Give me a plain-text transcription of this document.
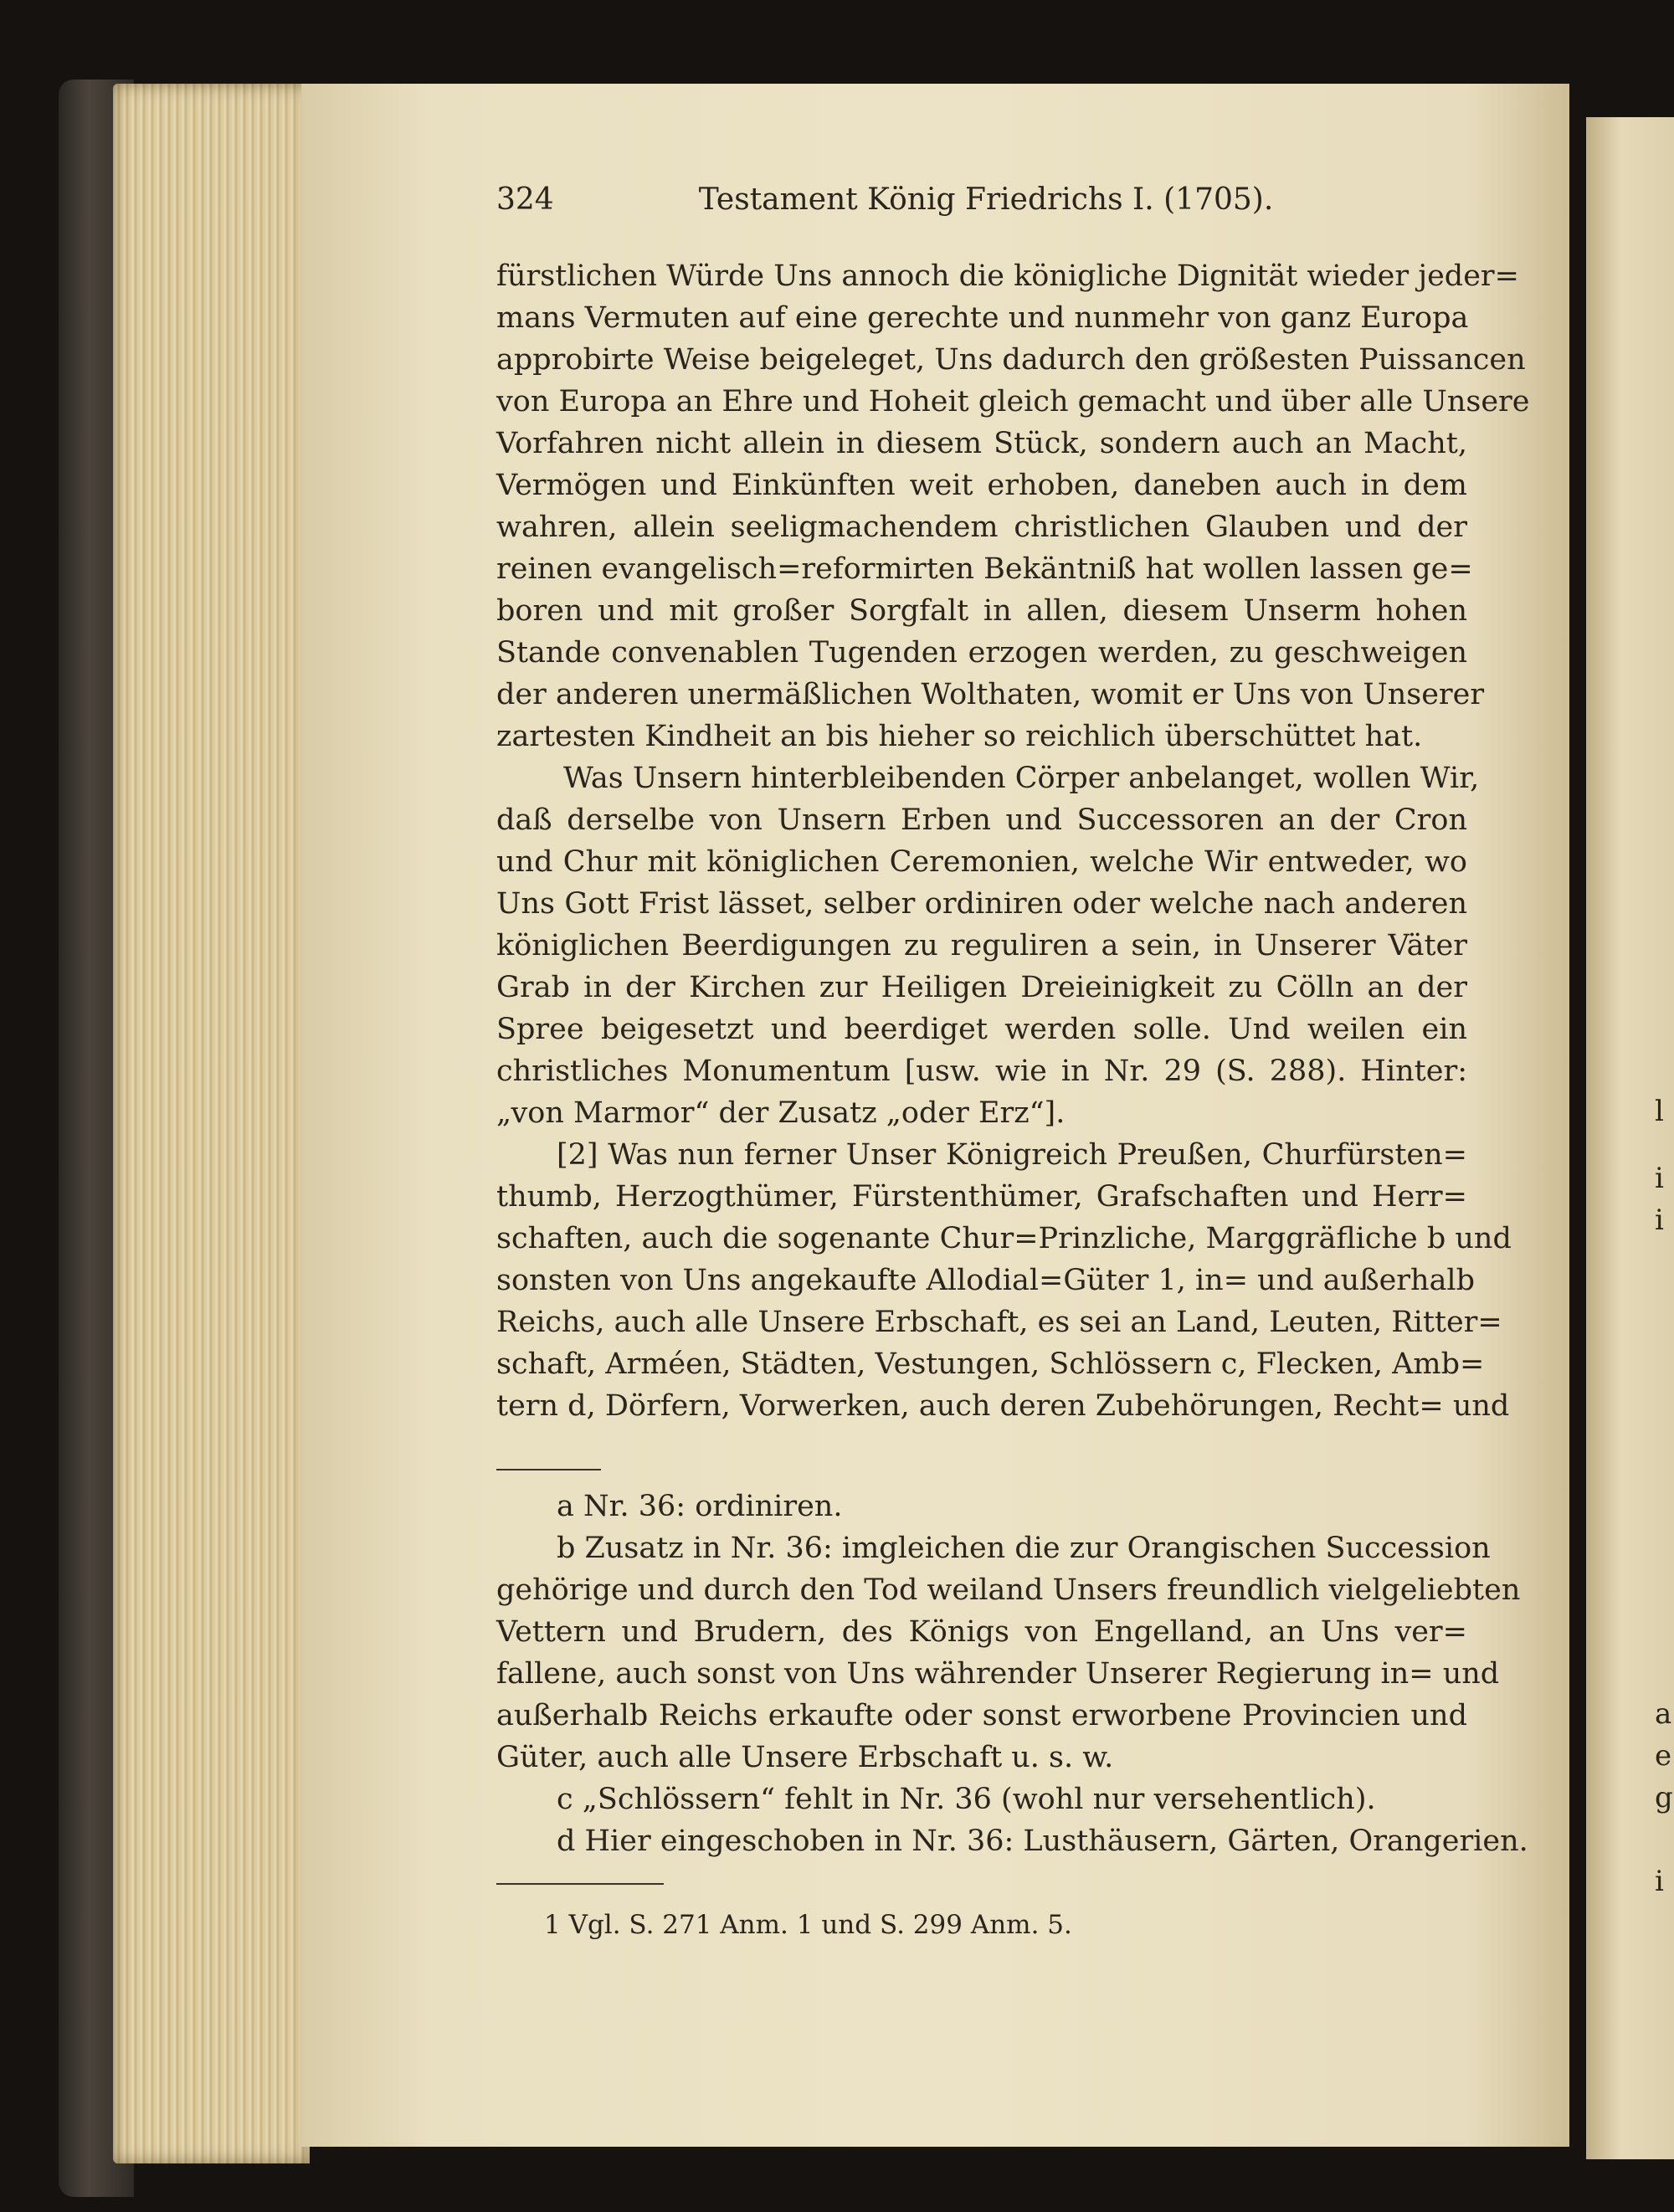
l
i
i
a
e
g
i
Testament König Friedrichs I. (1705).
324
fürstlichen Würde Uns annoch die königliche Dignität wieder jeder=
mans Vermuten auf eine gerechte und nunmehr von ganz Europa
approbirte Weise beigeleget, Uns dadurch den größesten Puissancen
von Europa an Ehre und Hoheit gleich gemacht und über alle Unsere
Vorfahren nicht allein in diesem Stück, sondern auch an Macht,
Vermögen und Einkünften weit erhoben, daneben auch in dem
wahren, allein seeligmachendem christlichen Glauben und der
reinen evangelisch=reformirten Bekäntniß hat wollen lassen ge=
boren und mit großer Sorgfalt in allen, diesem Unserm hohen
Stande convenablen Tugenden erzogen werden, zu geschweigen
der anderen unermäßlichen Wolthaten, womit er Uns von Unserer
zartesten Kindheit an bis hieher so reichlich überschüttet hat.
Was Unsern hinterbleibenden Cörper anbelanget, wollen Wir,
daß derselbe von Unsern Erben und Successoren an der Cron
und Chur mit königlichen Ceremonien, welche Wir entweder, wo
Uns Gott Frist lässet, selber ordiniren oder welche nach anderen
königlichen Beerdigungen zu reguliren a sein, in Unserer Väter
Grab in der Kirchen zur Heiligen Dreieinigkeit zu Cölln an der
Spree beigesetzt und beerdiget werden solle. Und weilen ein
christliches Monumentum [usw. wie in Nr. 29 (S. 288). Hinter:
„von Marmor“ der Zusatz „oder Erz“].
[2] Was nun ferner Unser Königreich Preußen, Churfürsten=
thumb, Herzogthümer, Fürstenthümer, Grafschaften und Herr=
schaften, auch die sogenante Chur=Prinzliche, Marggräfliche b und
sonsten von Uns angekaufte Allodial=Güter 1, in= und außerhalb
Reichs, auch alle Unsere Erbschaft, es sei an Land, Leuten, Ritter=
schaft, Arméen, Städten, Vestungen, Schlössern c, Flecken, Amb=
tern d, Dörfern, Vorwerken, auch deren Zubehörungen, Recht= und
a Nr. 36: ordiniren.
b Zusatz in Nr. 36: imgleichen die zur Orangischen Succession
gehörige und durch den Tod weiland Unsers freundlich vielgeliebten
Vettern und Brudern, des Königs von Engelland, an Uns ver=
fallene, auch sonst von Uns währender Unserer Regierung in= und
außerhalb Reichs erkaufte oder sonst erworbene Provincien und
Güter, auch alle Unsere Erbschaft u. s. w.
c „Schlössern“ fehlt in Nr. 36 (wohl nur versehentlich).
d Hier eingeschoben in Nr. 36: Lusthäusern, Gärten, Orangerien.
1 Vgl. S. 271 Anm. 1 und S. 299 Anm. 5.
